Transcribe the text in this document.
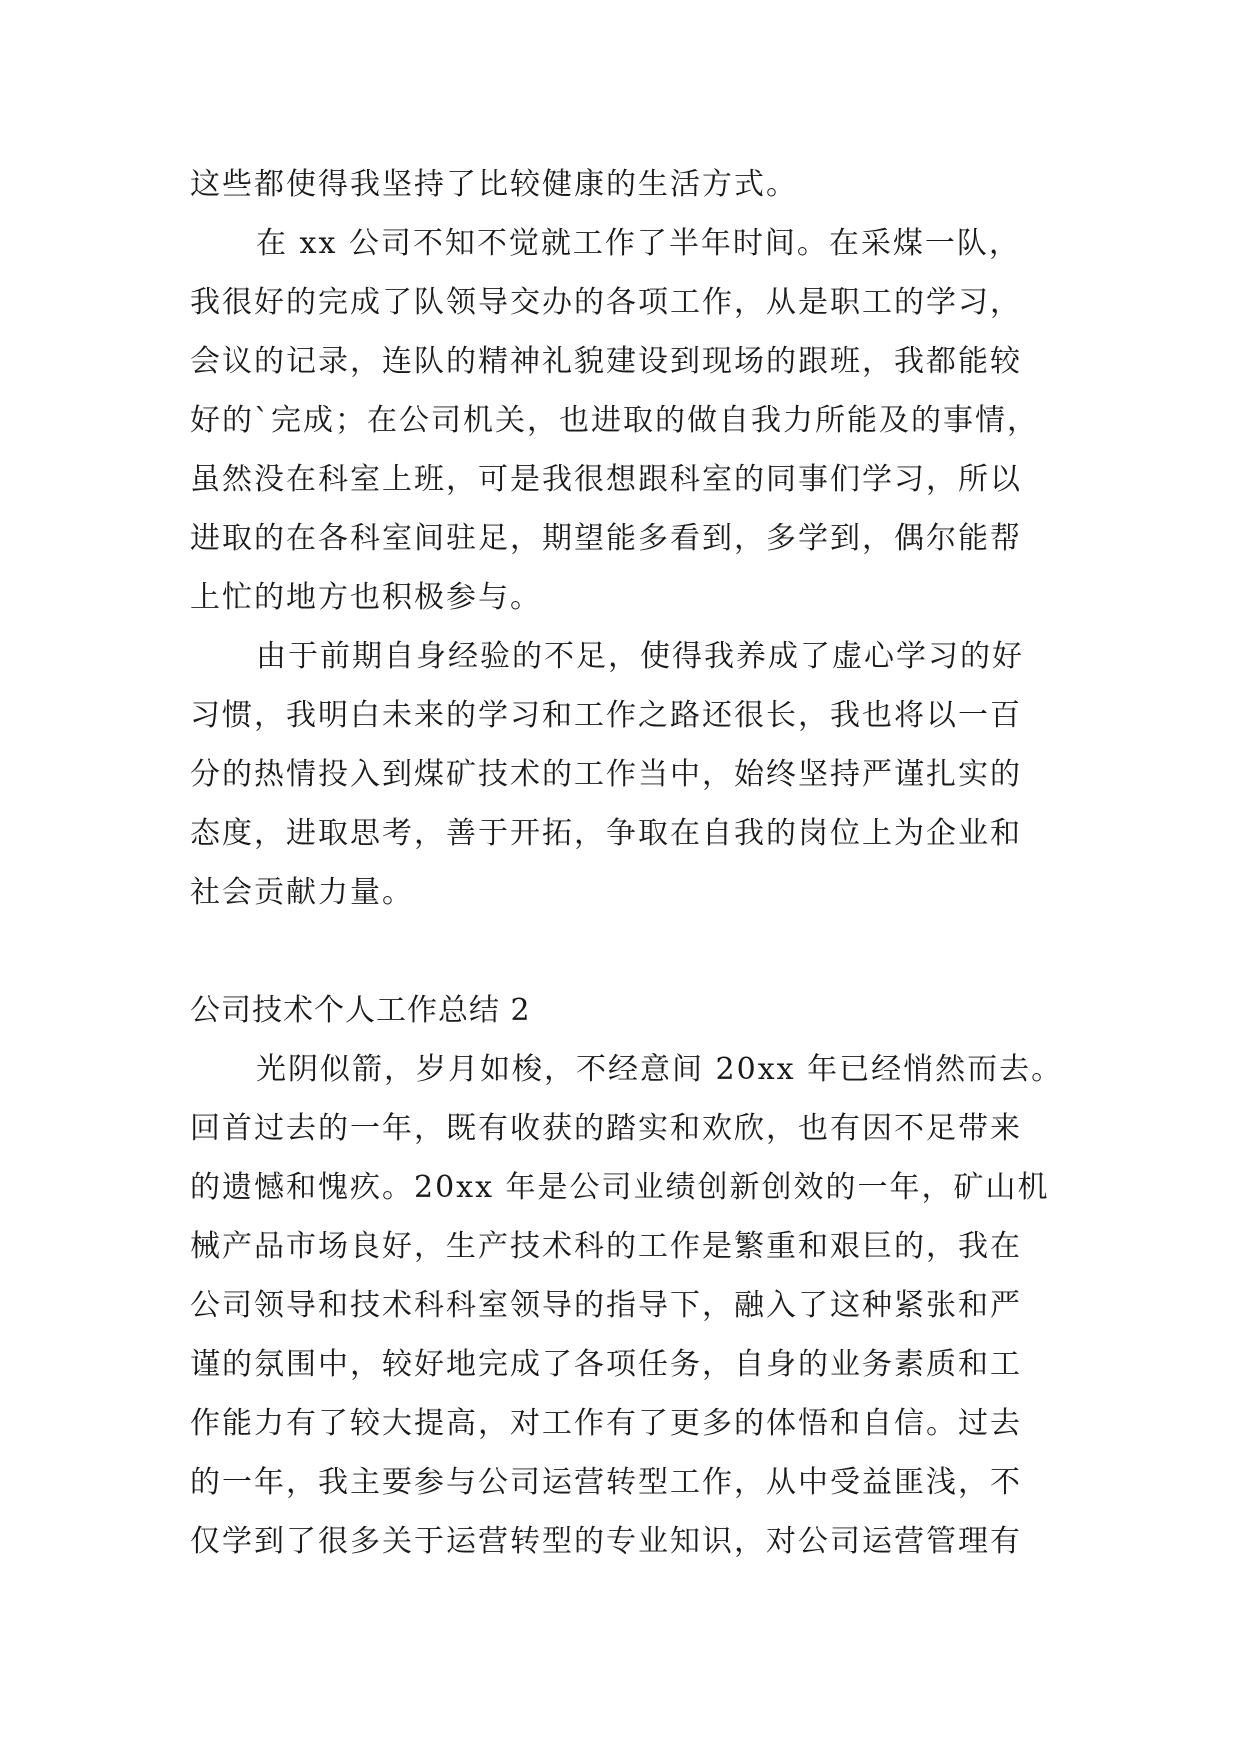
这些都使得我坚持了比较健康的生活方式。
在 xx 公司不知不觉就工作了半年时间。在采煤一队，
我很好的完成了队领导交办的各项工作，从是职工的学习，
会议的记录，连队的精神礼貌建设到现场的跟班，我都能较
好的`完成；在公司机关，也进取的做自我力所能及的事情，
虽然没在科室上班，可是我很想跟科室的同事们学习，所以
进取的在各科室间驻足，期望能多看到，多学到，偶尔能帮
上忙的地方也积极参与。
由于前期自身经验的不足，使得我养成了虚心学习的好
习惯，我明白未来的学习和工作之路还很长，我也将以一百
分的热情投入到煤矿技术的工作当中，始终坚持严谨扎实的
态度，进取思考，善于开拓，争取在自我的岗位上为企业和
社会贡献力量。
公司技术个人工作总结 2
光阴似箭，岁月如梭，不经意间 20xx 年已经悄然而去。
回首过去的一年，既有收获的踏实和欢欣，也有因不足带来
的遗憾和愧疚。20xx 年是公司业绩创新创效的一年，矿山机
械产品市场良好，生产技术科的工作是繁重和艰巨的，我在
公司领导和技术科科室领导的指导下，融入了这种紧张和严
谨的氛围中，较好地完成了各项任务，自身的业务素质和工
作能力有了较大提高，对工作有了更多的体悟和自信。过去
的一年，我主要参与公司运营转型工作，从中受益匪浅，不
仅学到了很多关于运营转型的专业知识，对公司运营管理有
